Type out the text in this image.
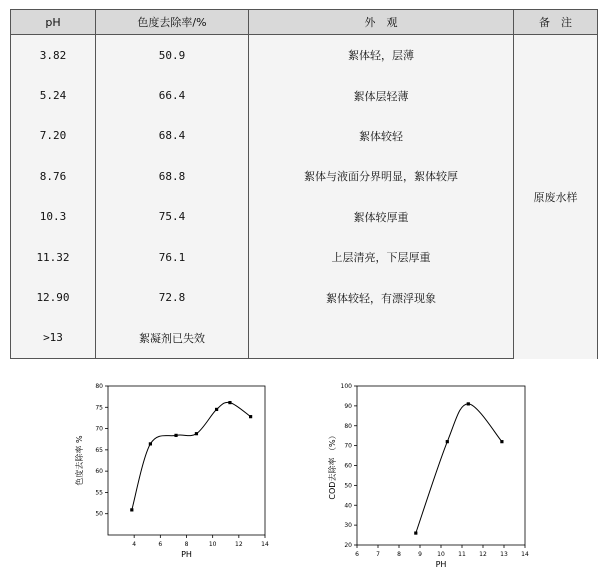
pH	色度去除率/%	外　观	备　注
3.82	50.9	絮体轻，层薄	原废水样
5.24	66.4	絮体层轻薄	
7.20	68.4	絮体较轻	
8.76	68.8	絮体与液面分界明显，絮体较厚	
10.3	75.4	絮体较厚重	
11.32	76.1	上层清亮，下层厚重	
12.90	72.8	絮体较轻，有漂浮现象	
>13	絮凝剂已失效		
4	6	8	10	12	14
50
55
60
65
70
75
80
PH
色度去除率 %
6	7	8	9	10 11 12 13 14
20
30
40
50
60
70
80
90
100
PH
COD去除率 （%）
